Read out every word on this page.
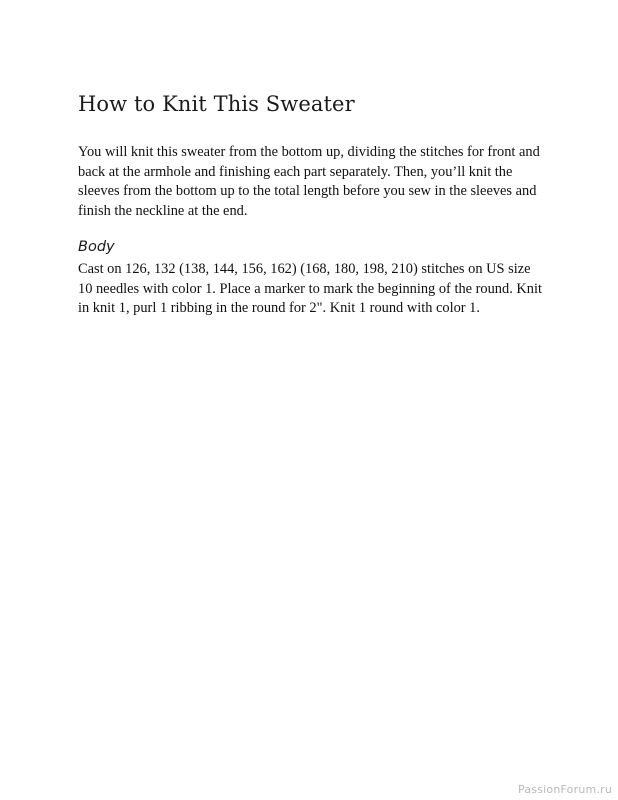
How to Knit This Sweater

You will knit this sweater from the bottom up, dividing the stitches for front and back at the armhole and finishing each part separately. Then, you’ll knit the sleeves from the bottom up to the total length before you sew in the sleeves and finish the neckline at the end.

Body

Cast on 126, 132 (138, 144, 156, 162) (168, 180, 198, 210) stitches on US size 10 needles with color 1. Place a marker to mark the beginning of the round. Knit in knit 1, purl 1 ribbing in the round for 2". Knit 1 round with color 1.

PassionForum.ru
